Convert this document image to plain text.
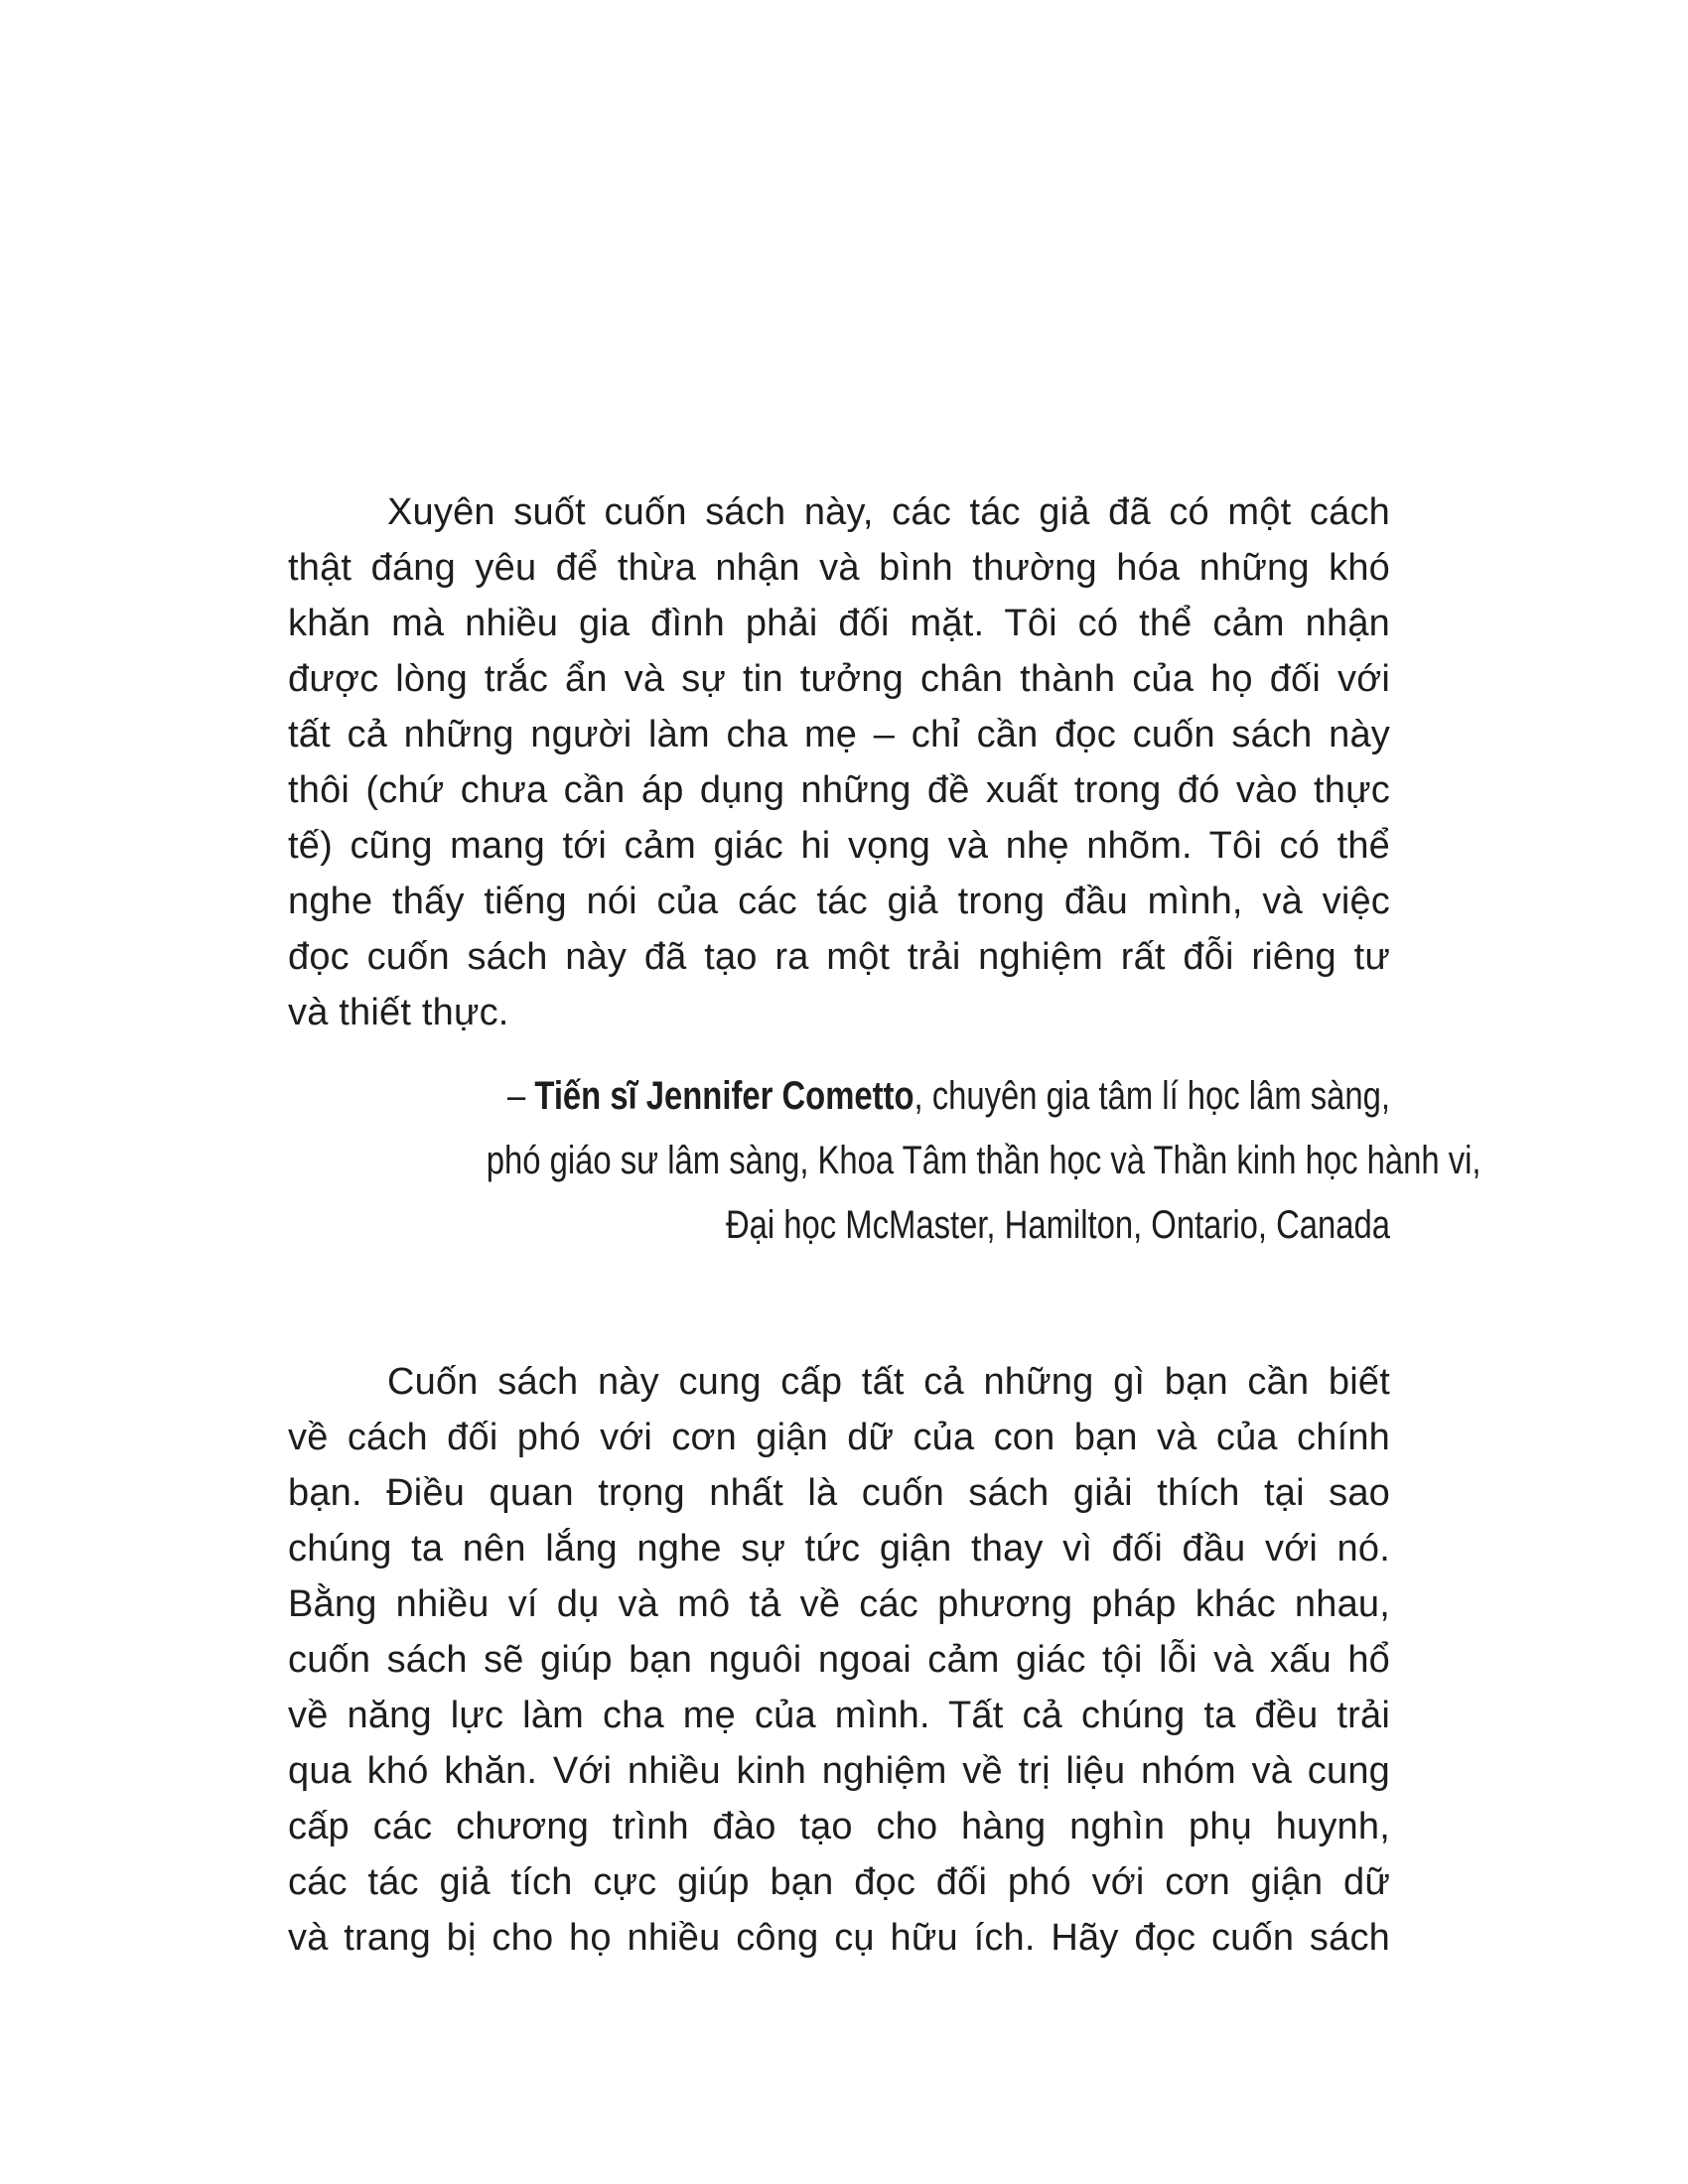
Xuyên suốt cuốn sách này, các tác giả đã có một cách
thật đáng yêu để thừa nhận và bình thường hóa những khó
khăn mà nhiều gia đình phải đối mặt. Tôi có thể cảm nhận
được lòng trắc ẩn và sự tin tưởng chân thành của họ đối với
tất cả những người làm cha mẹ – chỉ cần đọc cuốn sách này
thôi (chứ chưa cần áp dụng những đề xuất trong đó vào thực
tế) cũng mang tới cảm giác hi vọng và nhẹ nhõm. Tôi có thể
nghe thấy tiếng nói của các tác giả trong đầu mình, và việc
đọc cuốn sách này đã tạo ra một trải nghiệm rất đỗi riêng tư
và thiết thực.
– Tiến sĩ Jennifer Cometto, chuyên gia tâm lí học lâm sàng,
phó giáo sư lâm sàng, Khoa Tâm thần học và Thần kinh học hành vi,
Đại học McMaster, Hamilton, Ontario, Canada
Cuốn sách này cung cấp tất cả những gì bạn cần biết
về cách đối phó với cơn giận dữ của con bạn và của chính
bạn. Điều quan trọng nhất là cuốn sách giải thích tại sao
chúng ta nên lắng nghe sự tức giận thay vì đối đầu với nó.
Bằng nhiều ví dụ và mô tả về các phương pháp khác nhau,
cuốn sách sẽ giúp bạn nguôi ngoai cảm giác tội lỗi và xấu hổ
về năng lực làm cha mẹ của mình. Tất cả chúng ta đều trải
qua khó khăn. Với nhiều kinh nghiệm về trị liệu nhóm và cung
cấp các chương trình đào tạo cho hàng nghìn phụ huynh,
các tác giả tích cực giúp bạn đọc đối phó với cơn giận dữ
và trang bị cho họ nhiều công cụ hữu ích. Hãy đọc cuốn sách
